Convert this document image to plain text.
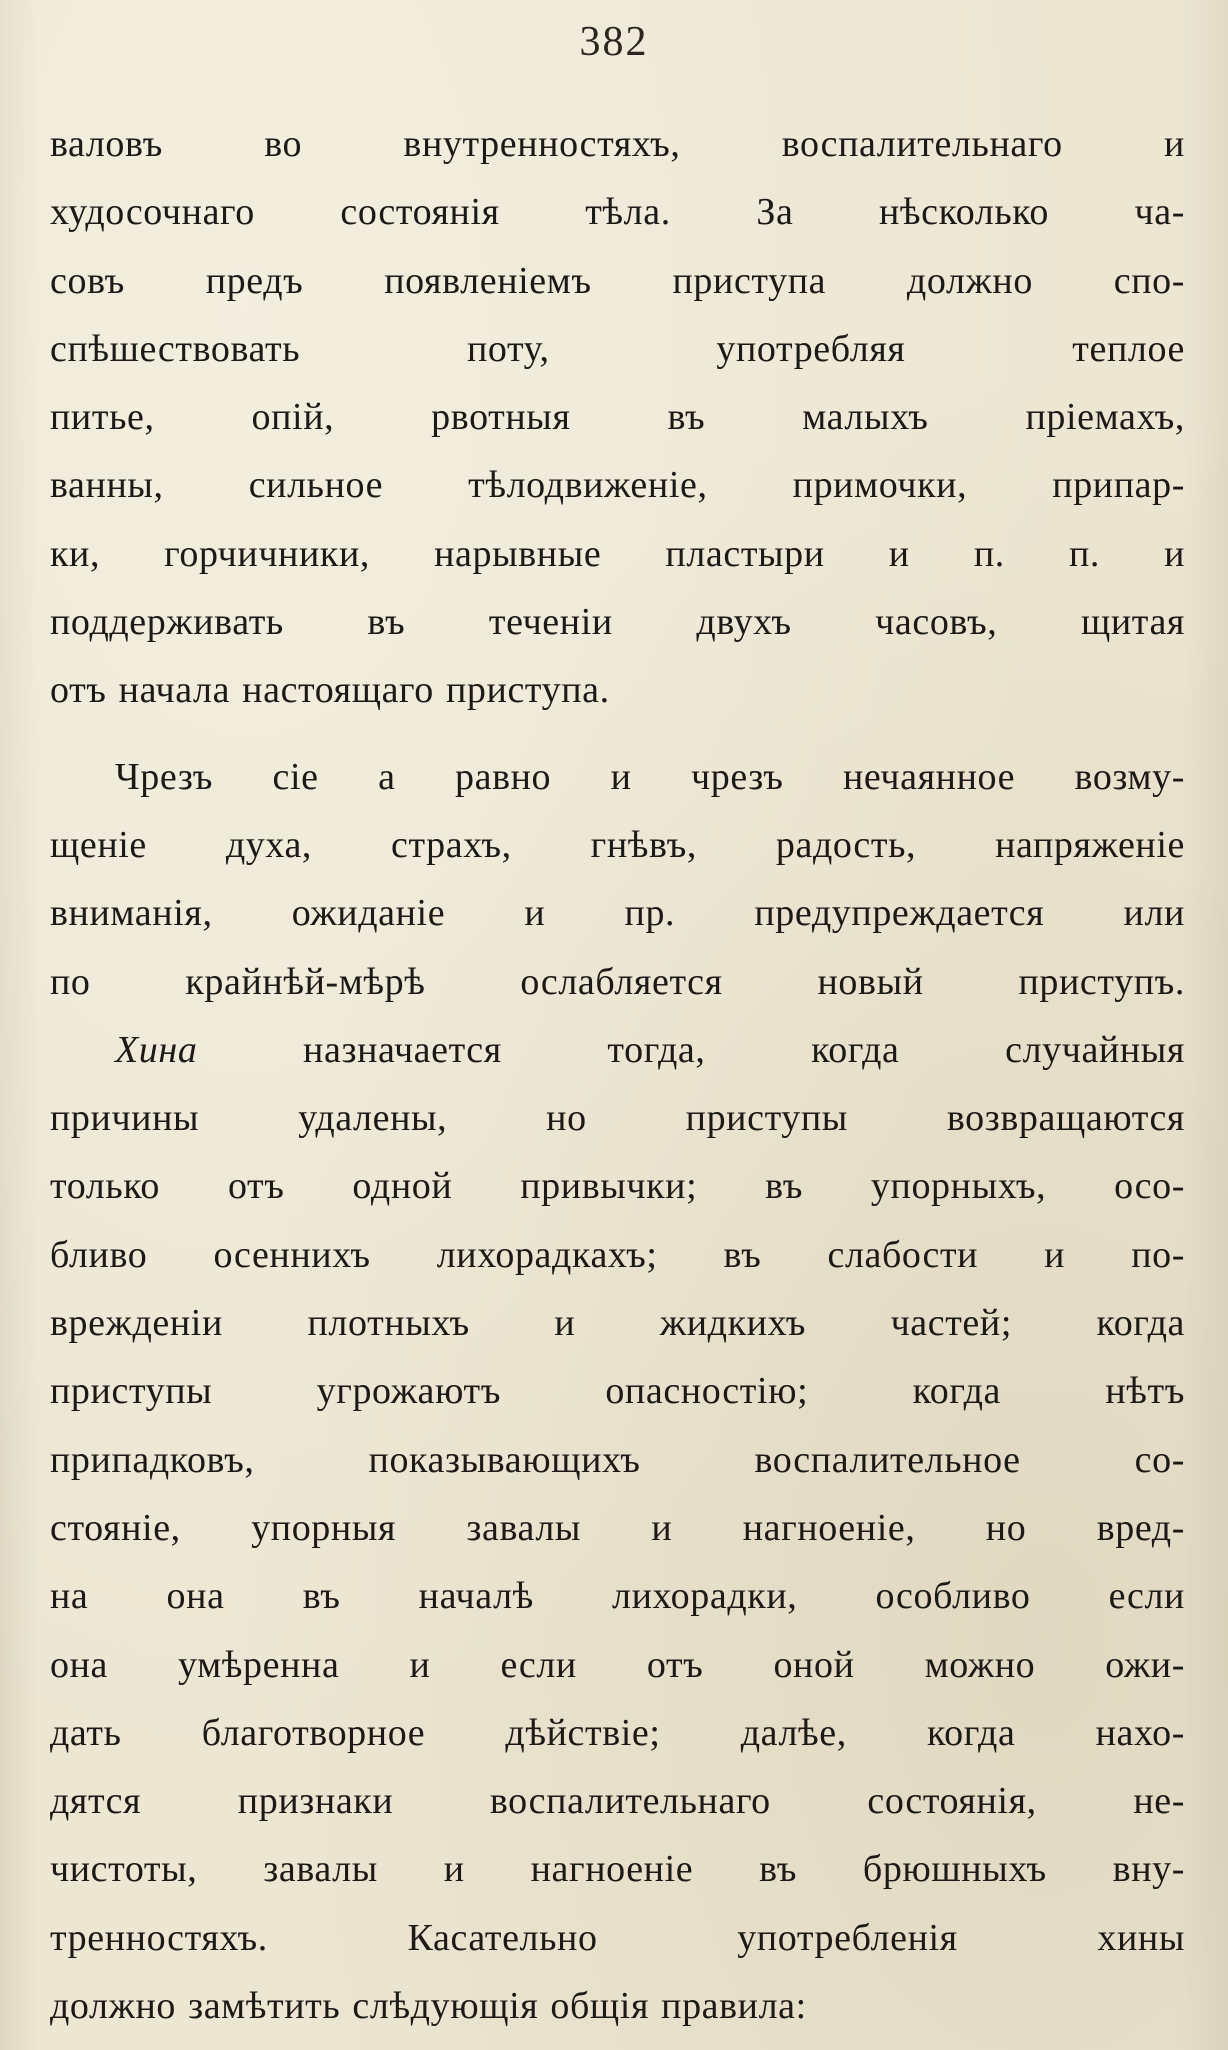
382
валовъ во внутренностяхъ, воспалительнаго и
худосочнаго состоянія тѣла. За нѣсколько ча-
совъ предъ появленіемъ приступа должно спо-
спѣшествовать поту, употребляя теплое
питье, опій, рвотныя въ малыхъ пріемахъ,
ванны, сильное тѣлодвиженіе, примочки, припар-
ки, горчичники, нарывные пластыри и п. п. и
поддерживать въ теченіи двухъ часовъ, щитая
отъ начала настоящаго приступа.
Чрезъ сіе а равно и чрезъ нечаянное возму-
щеніе духа, страхъ, гнѣвъ, радость, напряженіе
вниманія, ожиданіе и пр. предупреждается или
по крайнѣй-мѣрѣ ослабляется новый приступъ.
Хина назначается тогда, когда случайныя
причины удалены, но приступы возвращаются
только отъ одной привычки; въ упорныхъ, осо-
бливо осеннихъ лихорадкахъ; въ слабости и по-
врежденіи плотныхъ и жидкихъ частей; когда
приступы угрожаютъ опасностію; когда нѣтъ
припадковъ, показывающихъ воспалительное со-
стояніе, упорныя завалы и нагноеніе, но вред-
на она въ началѣ лихорадки, особливо если
она умѣренна и если отъ оной можно ожи-
дать благотворное дѣйствіе; далѣе, когда нахо-
дятся признаки воспалительнаго состоянія, не-
чистоты, завалы и нагноеніе въ брюшныхъ вну-
тренностяхъ. Касательно употребленія хины
должно замѣтить слѣдующія общія правила:
